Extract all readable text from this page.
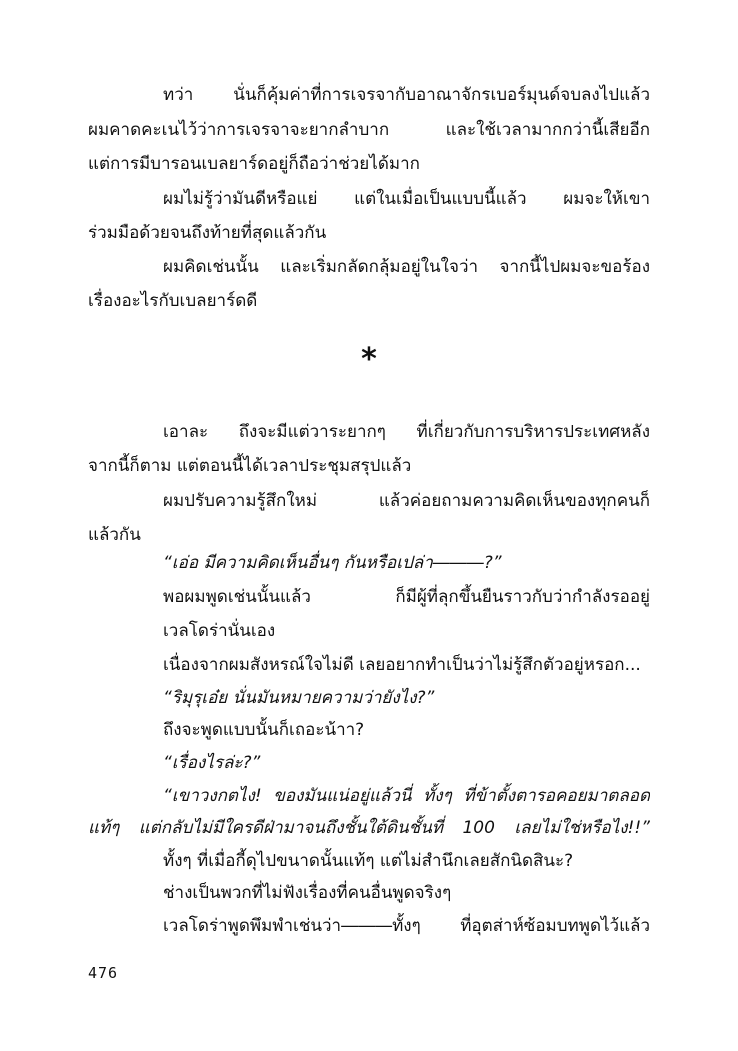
ทว่า นั่นก็คุ้มค่าที่การเจรจากับอาณาจักรเบอร์มุนด์จบลงไปแล้ว
ผมคาดคะเนไว้ว่าการเจรจาจะยากลำบาก และใช้เวลามากกว่านี้เสียอีก
แต่การมีบารอนเบลยาร์ดอยู่ก็ถือว่าช่วยได้มาก
ผมไม่รู้ว่ามันดีหรือแย่ แต่ในเมื่อเป็นแบบนี้แล้ว ผมจะให้เขา
ร่วมมือด้วยจนถึงท้ายที่สุดแล้วกัน
ผมคิดเช่นนั้น และเริ่มกลัดกลุ้มอยู่ในใจว่า จากนี้ไปผมจะขอร้อง
เรื่องอะไรกับเบลยาร์ดดี
*
เอาละ ถึงจะมีแต่วาระยากๆ ที่เกี่ยวกับการบริหารประเทศหลัง
จากนี้ก็ตาม แต่ตอนนี้ได้เวลาประชุมสรุปแล้ว
ผมปรับความรู้สึกใหม่ แล้วค่อยถามความคิดเห็นของทุกคนก็
แล้วกัน
“เอ่อ มีความคิดเห็นอื่นๆ กันหรือเปล่า―――?”
พอผมพูดเช่นนั้นแล้ว ก็มีผู้ที่ลุกขึ้นยืนราวกับว่ากำลังรออยู่
เวลโดร่านั่นเอง
เนื่องจากผมสังหรณ์ใจไม่ดี เลยอยากทำเป็นว่าไม่รู้สึกตัวอยู่หรอก...
“ริมุรุเอ๋ย นั่นมันหมายความว่ายังไง?”
ถึงจะพูดแบบนั้นก็เถอะน้าา?
“เรื่องไรล่ะ?”
“เขาวงกตไง! ของมันแน่อยู่แล้วนี่ ทั้งๆ ที่ข้าตั้งตารอคอยมาตลอด
แท้ๆ แต่กลับไม่มีใครดีฝ่ามาจนถึงชั้นใต้ดินชั้นที่ 100 เลยไม่ใช่หรือไง!!”
ทั้งๆ ที่เมื่อกี้ดุไปขนาดนั้นแท้ๆ แต่ไม่สำนึกเลยสักนิดสินะ?
ช่างเป็นพวกที่ไม่ฟังเรื่องที่คนอื่นพูดจริงๆ
เวลโดร่าพูดพึมพำเช่นว่า―――ทั้งๆ ที่อุตส่าห์ซ้อมบทพูดไว้แล้ว
476
